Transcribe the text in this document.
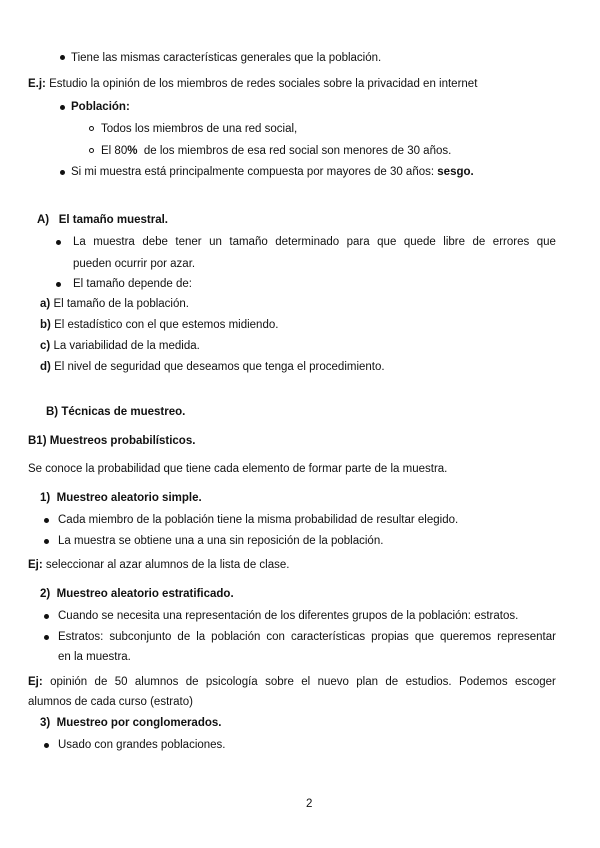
Tiene las mismas características generales que la población.
E.j: Estudio la opinión de los miembros de redes sociales sobre la privacidad en internet
Población:
Todos los miembros de una red social,
El 80% de los miembros de esa red social son menores de 30 años.
Si mi muestra está principalmente compuesta por mayores de 30 años: sesgo.
A)   El tamaño muestral.
La muestra debe tener un tamaño determinado para que quede libre de errores que
pueden ocurrir por azar.
El tamaño depende de:
a) El tamaño de la población.
b) El estadístico con el que estemos midiendo.
c) La variabilidad de la medida.
d) El nivel de seguridad que deseamos que tenga el procedimiento.
B) Técnicas de muestreo.
B1) Muestreos probabilísticos.
Se conoce la probabilidad que tiene cada elemento de formar parte de la muestra.
1)  Muestreo aleatorio simple.
Cada miembro de la población tiene la misma probabilidad de resultar elegido.
La muestra se obtiene una a una sin reposición de la población.
Ej: seleccionar al azar alumnos de la lista de clase.
2)  Muestreo aleatorio estratificado.
Cuando se necesita una representación de los diferentes grupos de la población: estratos.
Estratos: subconjunto de la población con características propias que queremos representar
en la muestra.
Ej: opinión de 50 alumnos de psicología sobre el nuevo plan de estudios. Podemos escoger
alumnos de cada curso (estrato)
3)  Muestreo por conglomerados.
Usado con grandes poblaciones.
2
